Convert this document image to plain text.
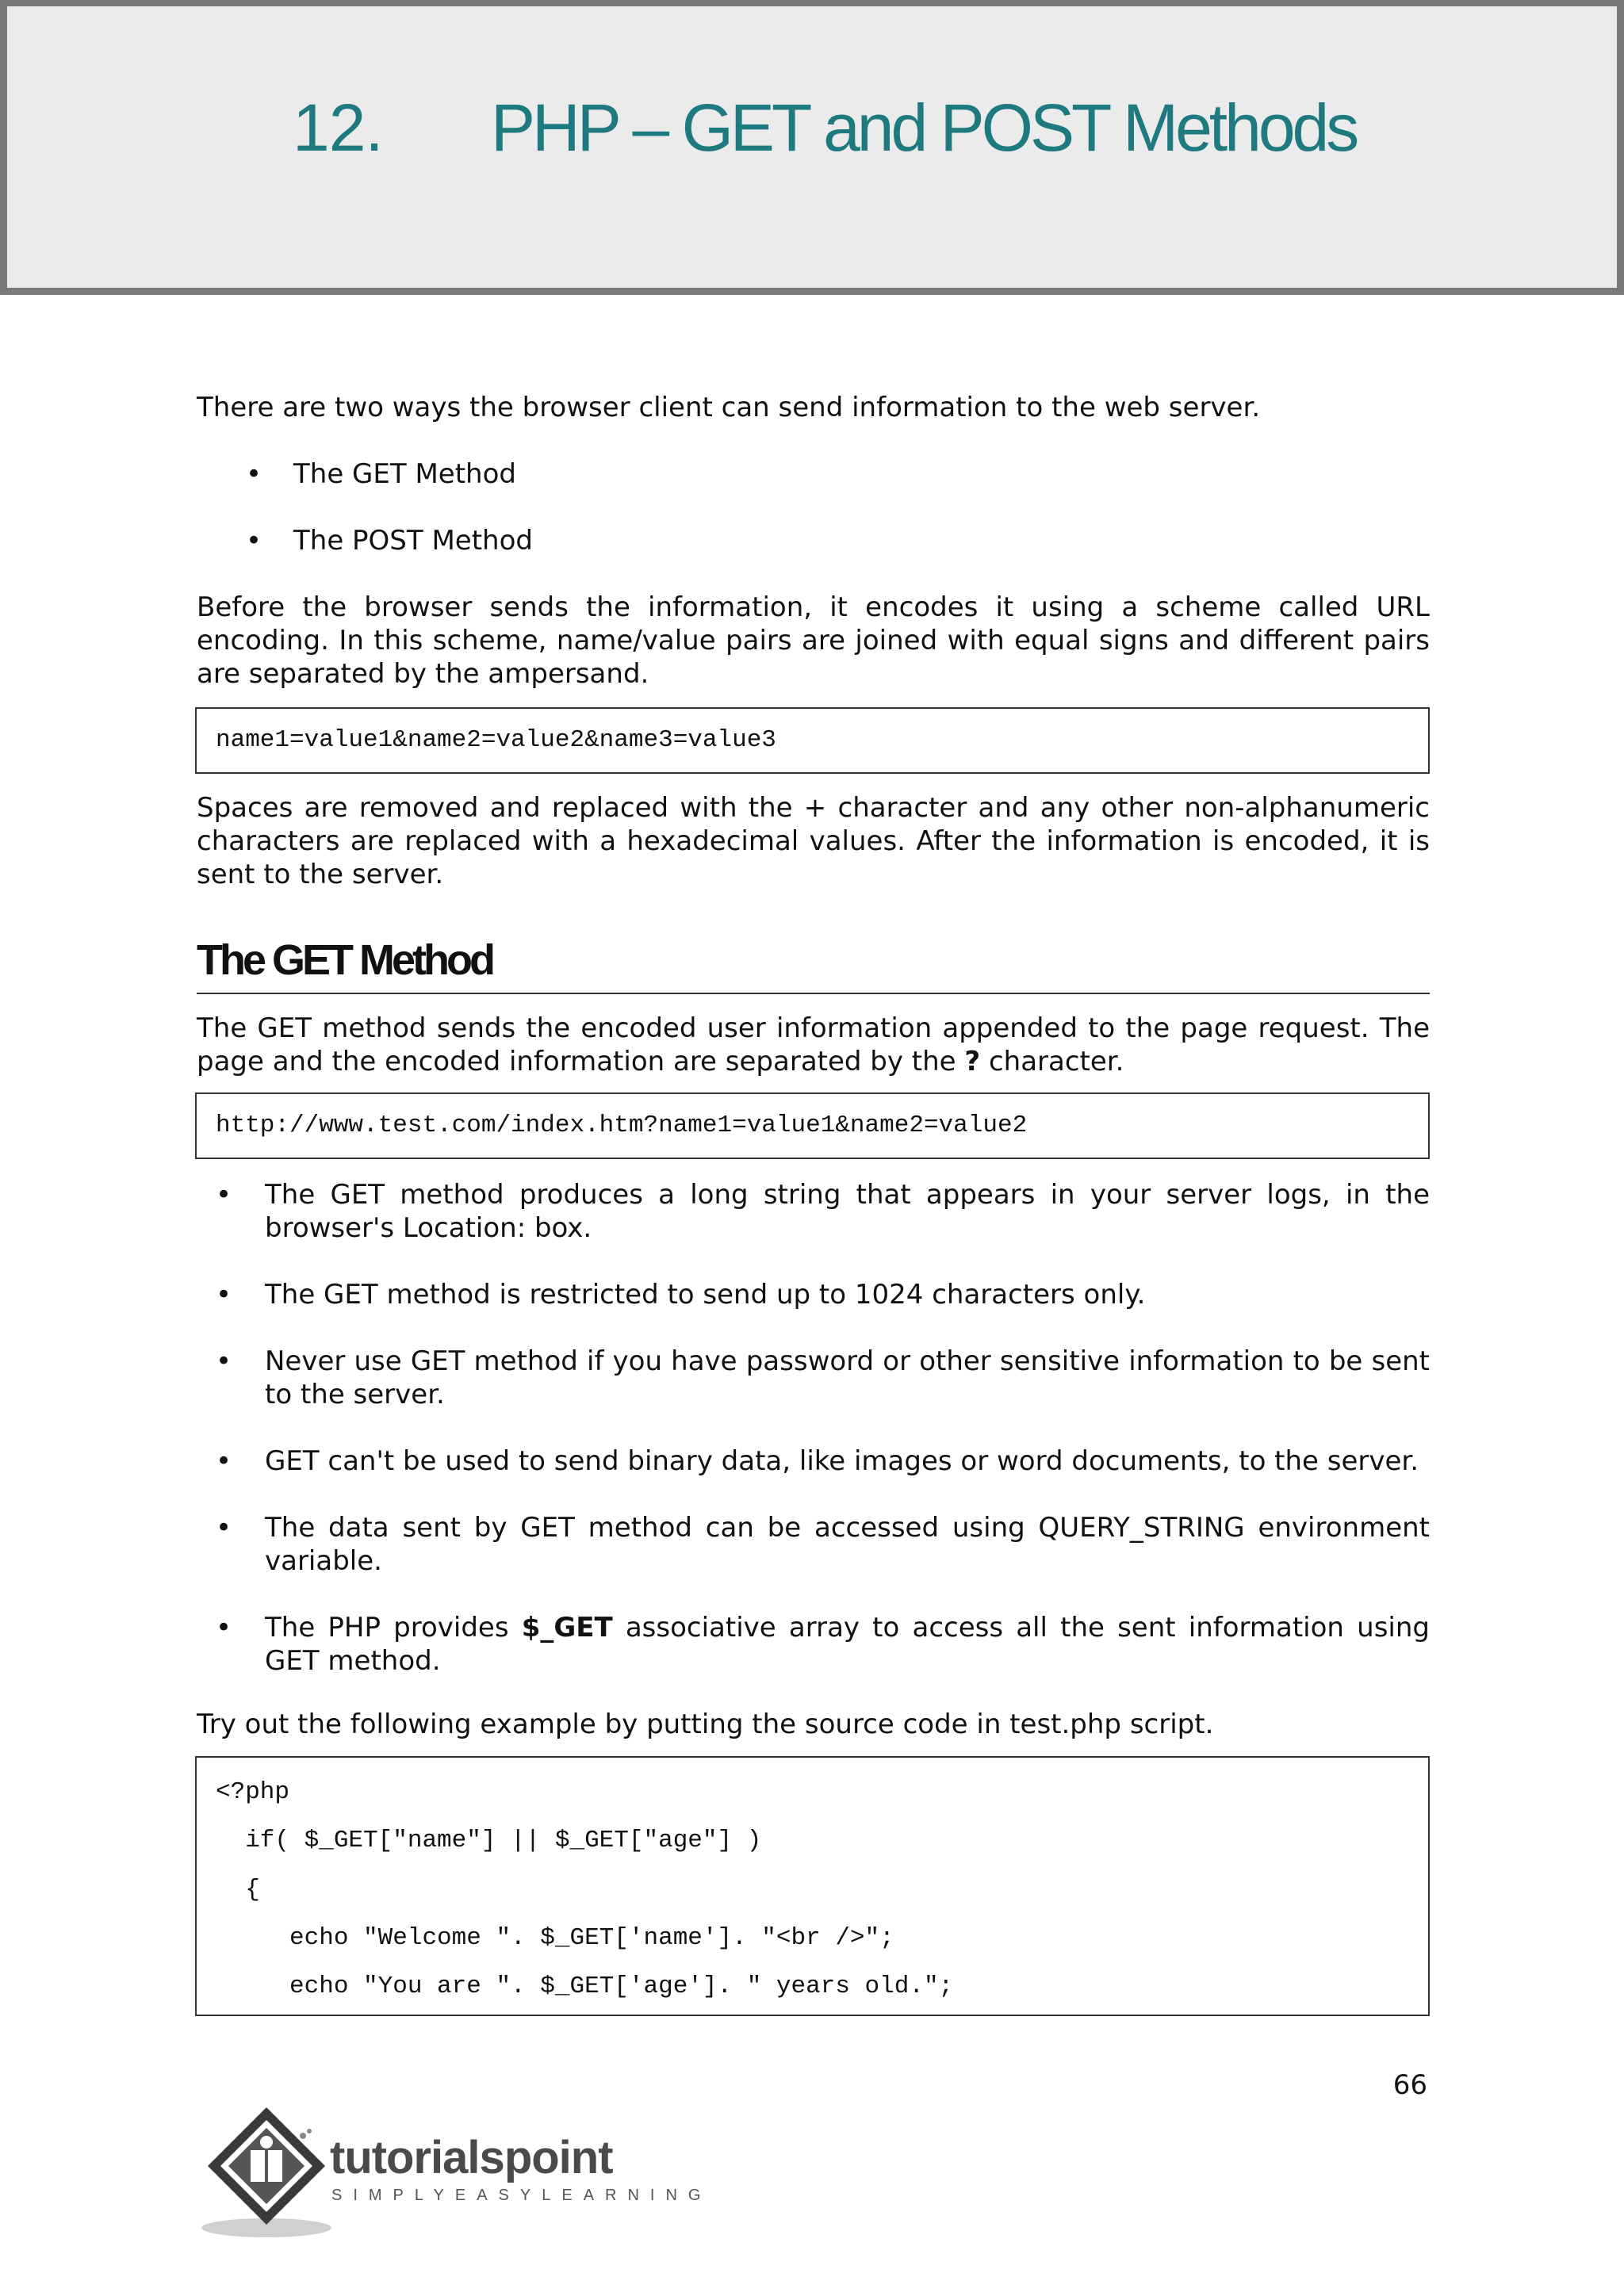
12. PHP – GET and POST Methods

There are two ways the browser client can send information to the web server.

• The GET Method
• The POST Method

Before the browser sends the information, it encodes it using a scheme called URL encoding. In this scheme, name/value pairs are joined with equal signs and different pairs are separated by the ampersand.

name1=value1&name2=value2&name3=value3

Spaces are removed and replaced with the + character and any other non-alphanumeric characters are replaced with a hexadecimal values. After the information is encoded, it is sent to the server.

The GET Method

The GET method sends the encoded user information appended to the page request. The page and the encoded information are separated by the ? character.

http://www.test.com/index.htm?name1=value1&name2=value2
• The GET method produces a long string that appears in your server logs, in the browser's Location: box.
• The GET method is restricted to send up to 1024 characters only.
• Never use GET method if you have password or other sensitive information to be sent to the server.
• GET can't be used to send binary data, like images or word documents, to the server.
• The data sent by GET method can be accessed using QUERY_STRING environment variable.
• The PHP provides $_GET associative array to access all the sent information using GET method.

Try out the following example by putting the source code in test.php script.

<?php
if( $_GET["name"] || $_GET["age"] )
{
echo "Welcome ". $_GET['name']. "<br />";
echo "You are ". $_GET['age']. " years old.";
66
tutorialspoint
SIMPLYEASYLEARNING
